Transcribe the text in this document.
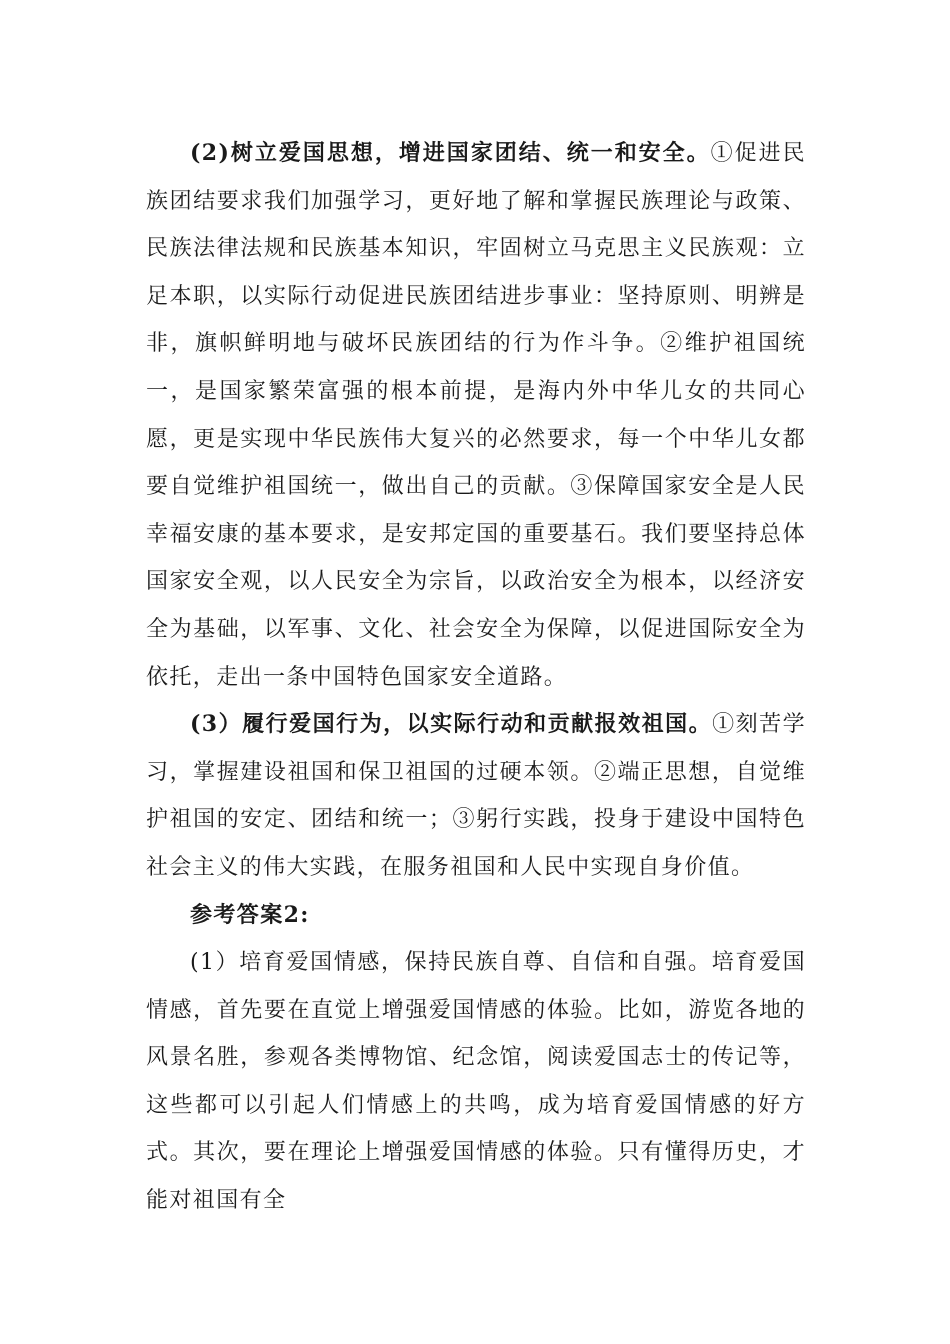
(2)树立爱国思想，增进国家团结、统一和安全。①促进民族团结要求我们加强学习，更好地了解和掌握民族理论与政策、民族法律法规和民族基本知识，牢固树立马克思主义民族观：立足本职，以实际行动促进民族团结进步事业：坚持原则、明辨是非，旗帜鲜明地与破坏民族团结的行为作斗争。②维护祖国统一，是国家繁荣富强的根本前提，是海内外中华儿女的共同心愿，更是实现中华民族伟大复兴的必然要求，每一个中华儿女都要自觉维护祖国统一，做出自己的贡献。③保障国家安全是人民幸福安康的基本要求，是安邦定国的重要基石。我们要坚持总体国家安全观，以人民安全为宗旨，以政治安全为根本，以经济安全为基础，以军事、文化、社会安全为保障，以促进国际安全为依托，走出一条中国特色国家安全道路。

(3）履行爱国行为，以实际行动和贡献报效祖国。①刻苦学习，掌握建设祖国和保卫祖国的过硬本领。②端正思想，自觉维护祖国的安定、团结和统一；③躬行实践，投身于建设中国特色社会主义的伟大实践，在服务祖国和人民中实现自身价值。

参考答案2:

(1）培育爱国情感，保持民族自尊、自信和自强。培育爱国情感，首先要在直觉上增强爱国情感的体验。比如，游览各地的风景名胜，参观各类博物馆、纪念馆，阅读爱国志士的传记等，这些都可以引起人们情感上的共鸣，成为培育爱国情感的好方式。其次，要在理论上增强爱国情感的体验。只有懂得历史，才能对祖国有全
